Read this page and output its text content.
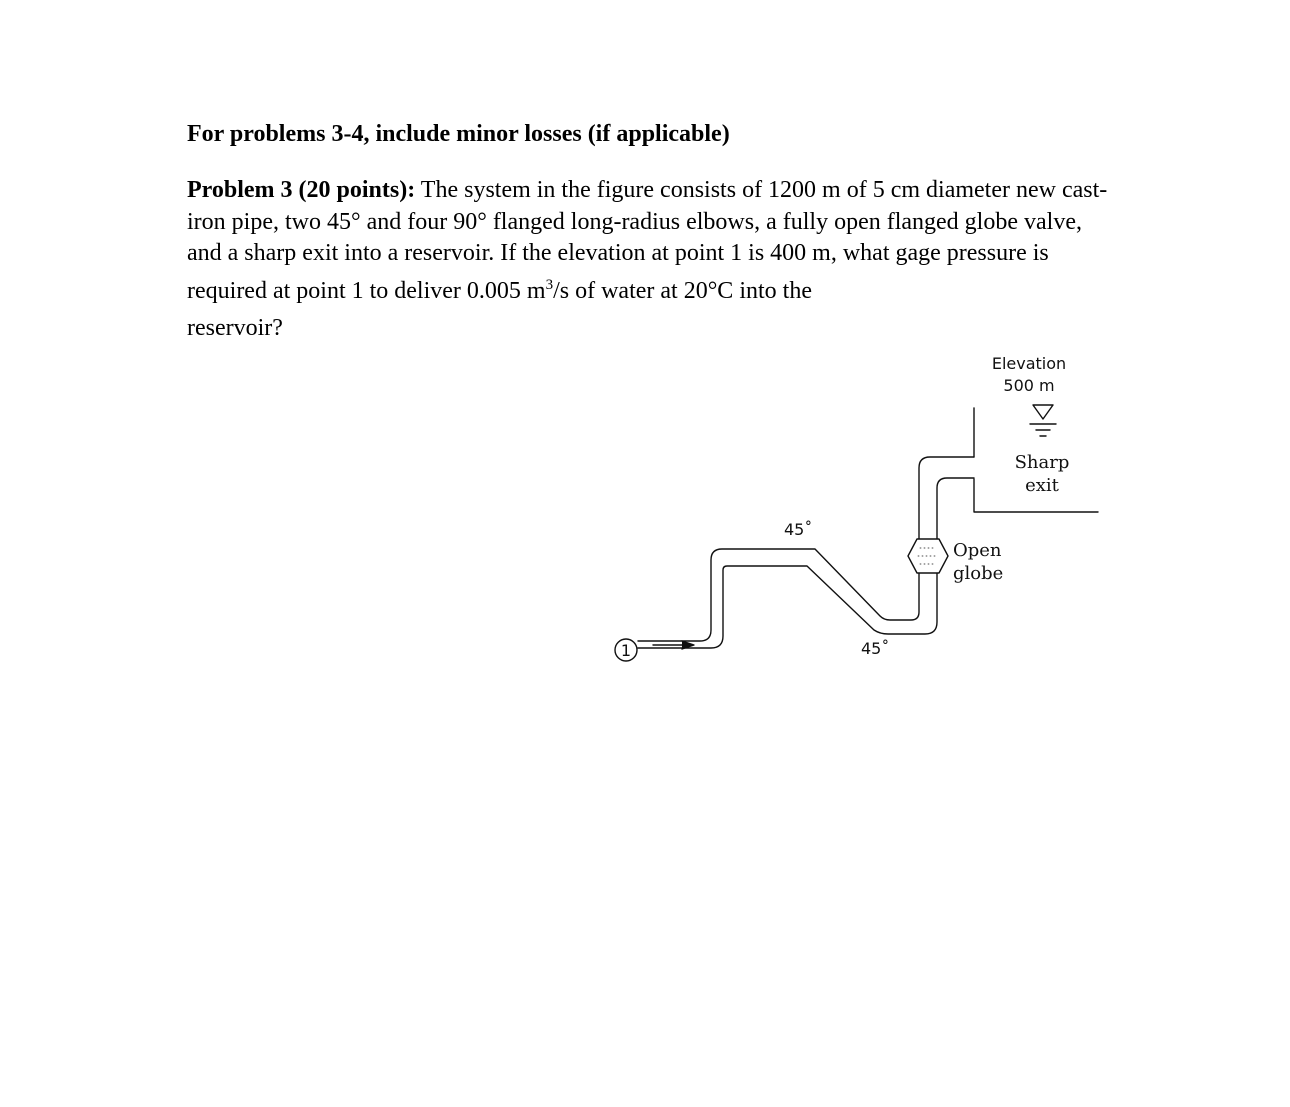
For problems 3-4, include minor losses (if applicable)

Problem 3 (20 points): The system in the figure consists of 1200 m of 5 cm diameter new cast-iron pipe, two 45° and four 90° flanged long-radius elbows, a fully open flanged globe valve, and a sharp exit into a reservoir. If the elevation at point 1 is 400 m, what gage pressure is required at point 1 to deliver 0.005 $m^3/s$ of water at 20°C into the
reservoir?

1
Elevation
500 m
Sharp
exit
Open
globe
45˚
45˚
